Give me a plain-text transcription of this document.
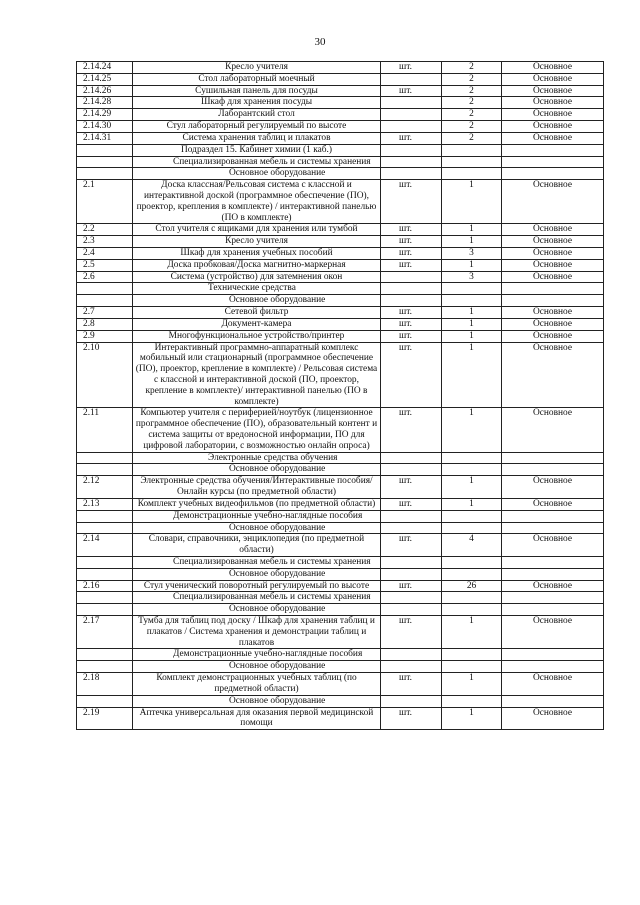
30
2.14.24	Кресло учителя	шт.	2	Основное
2.14.25	Стол лабораторный моечный		2	Основное
2.14.26	Сушильная панель для посуды	шт.	2	Основное
2.14.28	Шкаф для хранения посуды		2	Основное
2.14.29	Лаборантский стол		2	Основное
2.14.30	Стул лабораторный регулируемый по высоте		2	Основное
2.14.31	Система хранения таблиц и плакатов	шт.	2	Основное
	Подраздел 15. Кабинет химии (1 каб.)			
	Специализированная мебель и системы хранения			
	Основное оборудование			
2.1	Доска классная/Рельсовая система с классной и интерактивной доской (программное обеспечение (ПО), проектор, крепления в комплекте) / интерактивной панелью (ПО в комплекте)	шт.	1	Основное
2.2	Стол учителя с ящиками для хранения или тумбой	шт.	1	Основное
2.3	Кресло учителя	шт.	1	Основное
2.4	Шкаф для хранения учебных пособий	шт.	3	Основное
2.5	Доска пробковая/Доска магнитно-маркерная	шт.	1	Основное
2.6	Система (устройство) для затемнения окон		3	Основное
	Технические средства			
	Основное оборудование			
2.7	Сетевой фильтр	шт.	1	Основное
2.8	Документ-камера	шт.	1	Основное
2.9	Многофункциональное устройство/принтер	шт.	1	Основное
2.10	Интерактивный программно-аппаратный комплекс мобильный или стационарный (программное обеспечение (ПО), проектор, крепление в комплекте) / Рельсовая система с классной и интерактивной доской (ПО, проектор, крепление в комплекте)/ интерактивной панелью (ПО в комплекте)	шт.	1	Основное
2.11	Компьютер учителя с периферией/ноутбук (лицензионное программное обеспечение (ПО), образовательный контент и система защиты от вредоносной информации, ПО для цифровой лаборатории, с возможностью онлайн опроса)	шт.	1	Основное
	Электронные средства обучения			
	Основное оборудование			
2.12	Электронные средства обучения/Интерактивные пособия/Онлайн курсы (по предметной области)	шт.	1	Основное
2.13	Комплект учебных видеофильмов (по предметной области)	шт.	1	Основное
	Демонстрационные учебно-наглядные пособия			
	Основное оборудование			
2.14	Словари, справочники, энциклопедия (по предметной области)	шт.	4	Основное
	Специализированная мебель и системы хранения			
	Основное оборудование			
2.16	Стул ученический поворотный регулируемый по высоте	шт.	26	Основное
	Специализированная мебель и системы хранения			
	Основное оборудование			
2.17	Тумба для таблиц под доску / Шкаф для хранения таблиц и плакатов / Система хранения и демонстрации таблиц и плакатов	шт.	1	Основное
	Демонстрационные учебно-наглядные пособия			
	Основное оборудование			
2.18	Комплект демонстрационных учебных таблиц (по предметной области)	шт.	1	Основное
	Основное оборудование			
2.19	Аптечка универсальная для оказания первой медицинской помощи	шт.	1	Основное
